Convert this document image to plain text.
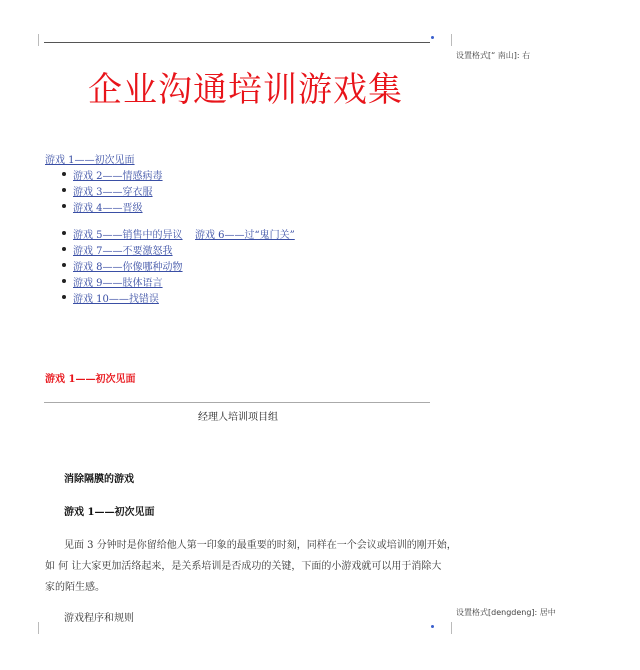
设置格式[“ 南山]: 右
设置格式[dengdeng]: 居中
企业沟通培训游戏集
游戏 1——初次见面
游戏 2——情感病毒
游戏 3——穿衣服
游戏 4——晋级
游戏 5——销售中的异议 游戏 6——过“鬼门关”
游戏 7——不要激怒我
游戏 8——你像哪种动物
游戏 9——肢体语言
游戏 10——找错误
游戏 1——初次见面
经理人培训项目组
消除隔膜的游戏
游戏 1——初次见面
见面 3 分钟时是你留给他人第一印象的最重要的时刻，同样在一个会议或培训的刚开始，
如 何 让大家更加活络起来，是关系培训是否成功的关键，下面的小游戏就可以用于消除大
家的陌生感。
游戏程序和规则
